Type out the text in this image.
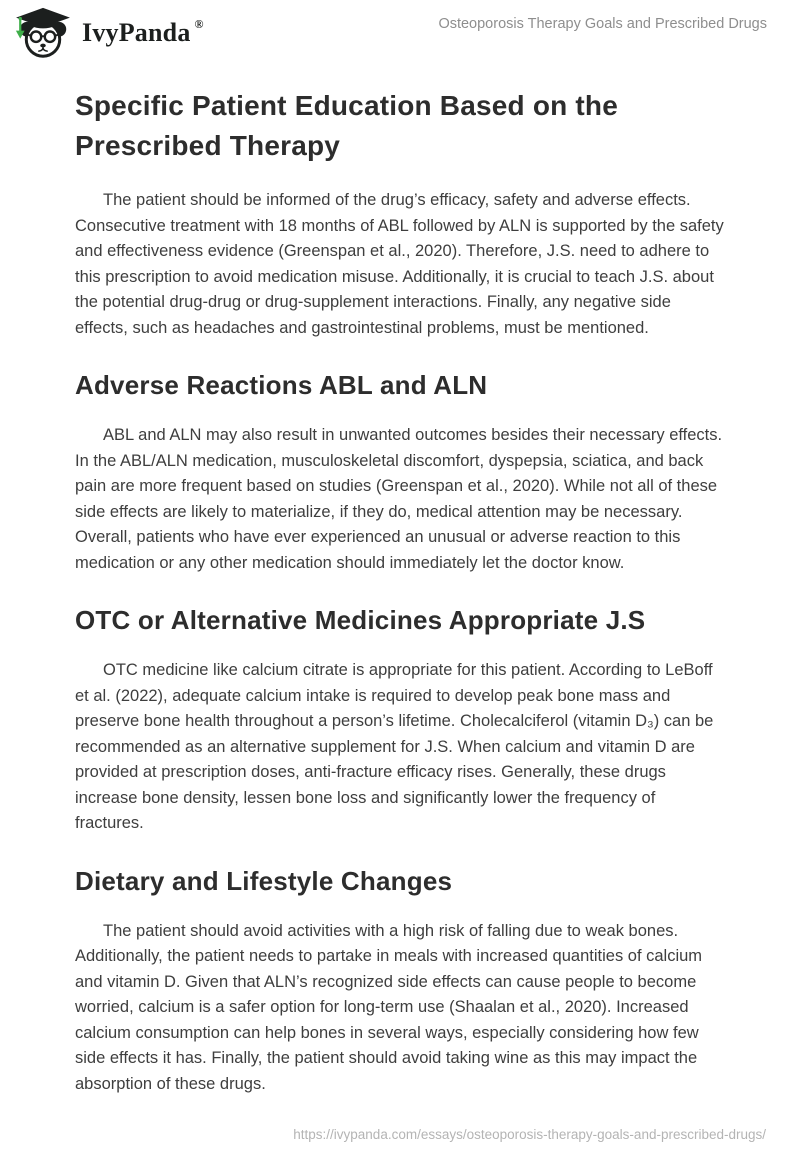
IvyPanda ®	Osteoporosis Therapy Goals and Prescribed Drugs
Specific Patient Education Based on the Prescribed Therapy

The patient should be informed of the drug’s efficacy, safety and adverse effects. Consecutive treatment with 18 months of ABL followed by ALN is supported by the safety and effectiveness evidence (Greenspan et al., 2020). Therefore, J.S. need to adhere to this prescription to avoid medication misuse. Additionally, it is crucial to teach J.S. about the potential drug-drug or drug-supplement interactions. Finally, any negative side effects, such as headaches and gastrointestinal problems, must be mentioned.

Adverse Reactions ABL and ALN

ABL and ALN may also result in unwanted outcomes besides their necessary effects. In the ABL/ALN medication, musculoskeletal discomfort, dyspepsia, sciatica, and back pain are more frequent based on studies (Greenspan et al., 2020). While not all of these side effects are likely to materialize, if they do, medical attention may be necessary. Overall, patients who have ever experienced an unusual or adverse reaction to this medication or any other medication should immediately let the doctor know.

OTC or Alternative Medicines Appropriate J.S

OTC medicine like calcium citrate is appropriate for this patient. According to LeBoff et al. (2022), adequate calcium intake is required to develop peak bone mass and preserve bone health throughout a person’s lifetime. Cholecalciferol (vitamin D₃) can be recommended as an alternative supplement for J.S. When calcium and vitamin D are provided at prescription doses, anti-fracture efficacy rises. Generally, these drugs increase bone density, lessen bone loss and significantly lower the frequency of fractures.

Dietary and Lifestyle Changes

The patient should avoid activities with a high risk of falling due to weak bones. Additionally, the patient needs to partake in meals with increased quantities of calcium and vitamin D. Given that ALN’s recognized side effects can cause people to become worried, calcium is a safer option for long-term use (Shaalan et al., 2020). Increased calcium consumption can help bones in several ways, especially considering how few side effects it has. Finally, the patient should avoid taking wine as this may impact the absorption of these drugs.

https://ivypanda.com/essays/osteoporosis-therapy-goals-and-prescribed-drugs/
